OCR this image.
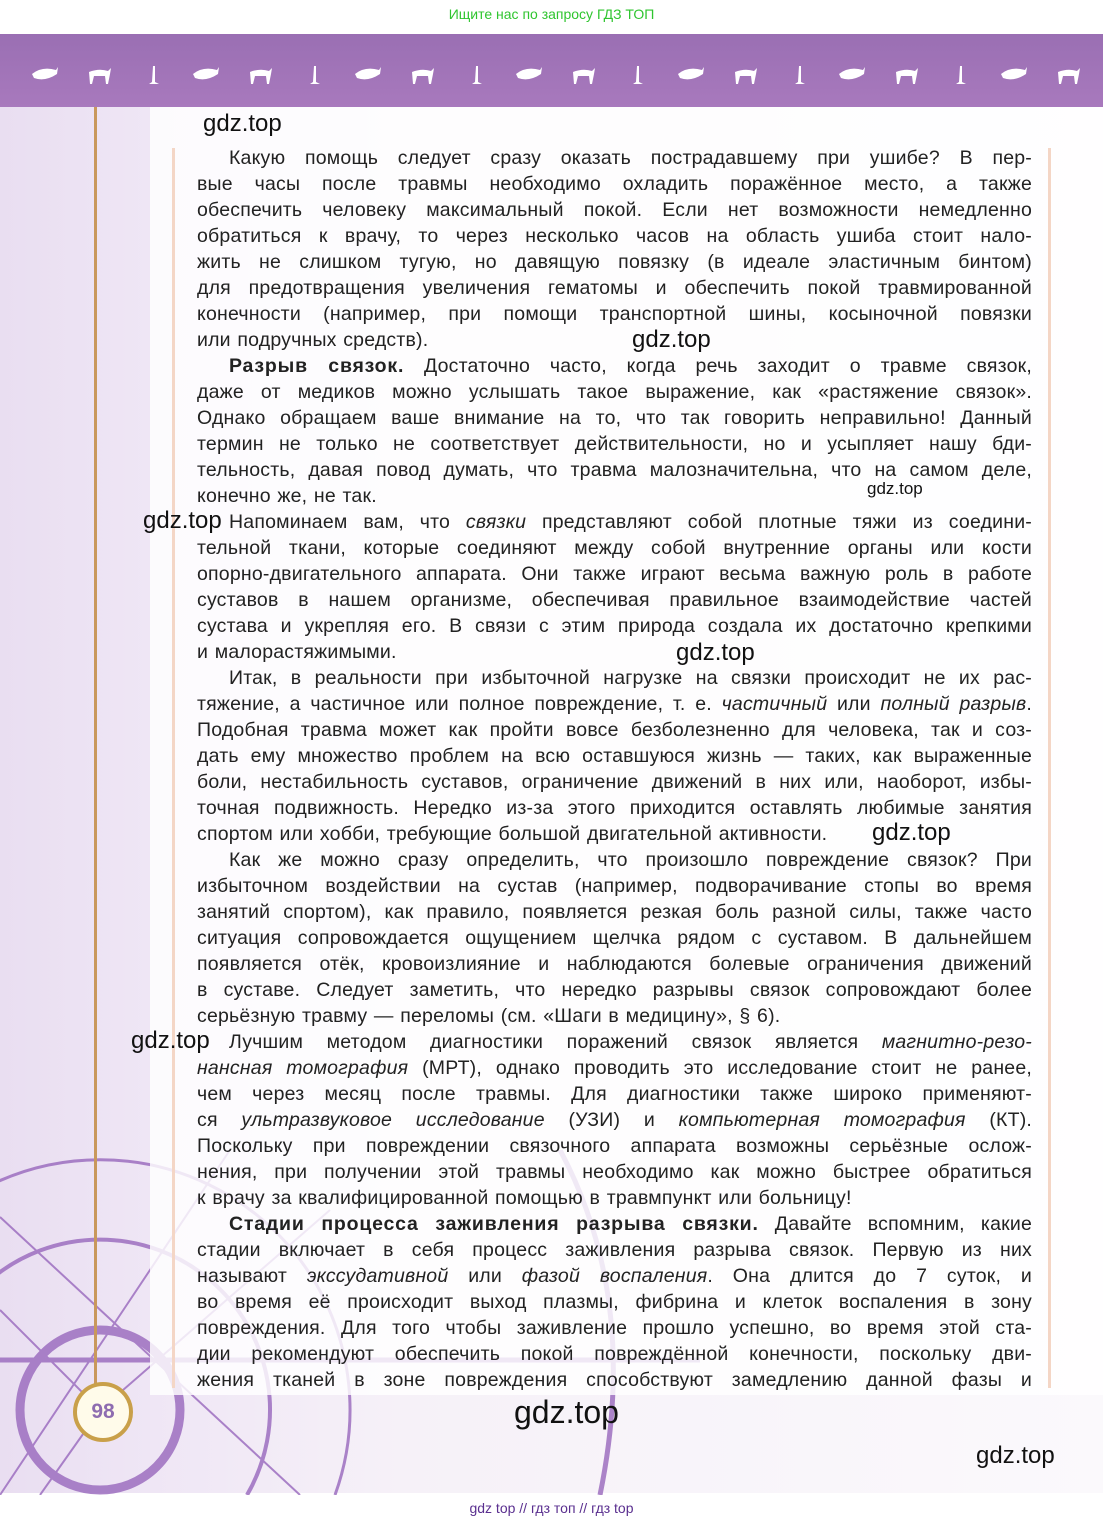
Ищите нас по запросу ГДЗ ТОП
Какую помощь следует сразу оказать пострадавшему при ушибе? В пер-
вые часы после травмы необходимо охладить поражённое место, а также
обеспечить человеку максимальный покой. Если нет возможности немедленно
обратиться к врачу, то через несколько часов на область ушиба стоит нало-
жить не слишком тугую, но давящую повязку (в идеале эластичным бинтом)
для предотвращения увеличения гематомы и обеспечить покой травмированной
конечности (например, при помощи транспортной шины, косыночной повязки
или подручных средств).
Разрыв связок. Достаточно часто, когда речь заходит о травме связок,
даже от медиков можно услышать такое выражение, как «растяжение связок».
Однако обращаем ваше внимание на то, что так говорить неправильно! Данный
термин не только не соответствует действительности, но и усыпляет нашу бди-
тельность, давая повод думать, что травма малозначительна, что на самом деле,
конечно же, не так.
Напоминаем вам, что связки представляют собой плотные тяжи из соедини-
тельной ткани, которые соединяют между собой внутренние органы или кости
опорно-двигательного аппарата. Они также играют весьма важную роль в работе
суставов в нашем организме, обеспечивая правильное взаимодействие частей
сустава и укрепляя его. В связи с этим природа создала их достаточно крепкими
и малорастяжимыми.
Итак, в реальности при избыточной нагрузке на связки происходит не их рас-
тяжение, а частичное или полное повреждение, т. е. частичный или полный разрыв.
Подобная травма может как пройти вовсе безболезненно для человека, так и соз-
дать ему множество проблем на всю оставшуюся жизнь — таких, как выраженные
боли, нестабильность суставов, ограничение движений в них или, наоборот, избы-
точная подвижность. Нередко из-за этого приходится оставлять любимые занятия
спортом или хобби, требующие большой двигательной активности.
Как же можно сразу определить, что произошло повреждение связок? При
избыточном воздействии на сустав (например, подворачивание стопы во время
занятий спортом), как правило, появляется резкая боль разной силы, также часто
ситуация сопровождается ощущением щелчка рядом с суставом. В дальнейшем
появляется отёк, кровоизлияние и наблюдаются болевые ограничения движений
в суставе. Следует заметить, что нередко разрывы связок сопровождают более
серьёзную травму — переломы (см. «Шаги в медицину», § 6).
Лучшим методом диагностики поражений связок является магнитно-резо-
нансная томография (МРТ), однако проводить это исследование стоит не ранее,
чем через месяц после травмы. Для диагностики также широко применяют-
ся ультразвуковое исследование (УЗИ) и компьютерная томография (КТ).
Поскольку при повреждении связочного аппарата возможны серьёзные ослож-
нения, при получении этой травмы необходимо как можно быстрее обратиться
к врачу за квалифицированной помощью в травмпункт или больницу!
Стадии процесса заживления разрыва связки. Давайте вспомним, какие
стадии включает в себя процесс заживления разрыва связок. Первую из них
называют экссудативной или фазой воспаления. Она длится до 7 суток, и
во время её происходит выход плазмы, фибрина и клеток воспаления в зону
повреждения. Для того чтобы заживление прошло успешно, во время этой ста-
дии рекомендуют обеспечить покой повреждённой конечности, поскольку дви-
жения тканей в зоне повреждения способствуют замедлению данной фазы и
98
gdz.top
gdz.top
gdz.top
gdz.top
gdz.top
gdz.top
gdz.top
gdz.top
gdz.top
gdz top // гдз топ // гдз top
